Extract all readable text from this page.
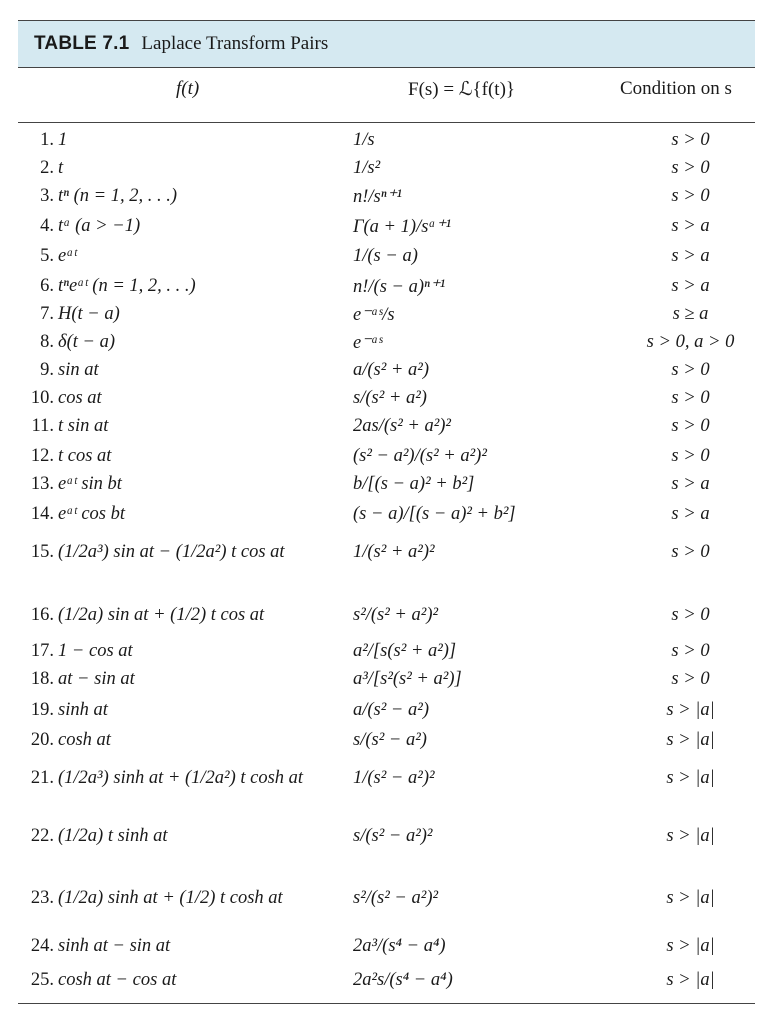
TABLE 7.1 Laplace Transform Pairs
f(t)	F(s) = ℒ{f(t)}	Condition on s
1. 1	1/s	s > 0
2. t	1/s²	s > 0
3. tⁿ (n = 1, 2, . . .)	n!/sⁿ⁺¹	s > 0
4. tᵃ (a > −1)	Γ(a + 1)/sᵃ⁺¹	s > a
5. eᵃᵗ	1/(s − a)	s > a
6. tⁿeᵃᵗ (n = 1, 2, . . .)	n!/(s − a)ⁿ⁺¹	s > a
7. H(t − a)	e⁻ᵃˢ/s	s ≥ a
8. δ(t − a)	e⁻ᵃˢ	s > 0, a > 0
9. sin at	a/(s² + a²)	s > 0
10. cos at	s/(s² + a²)	s > 0
11. t sin at	2as/(s² + a²)²	s > 0
12. t cos at	(s² − a²)/(s² + a²)²	s > 0
13. eᵃᵗ sin bt	b/[(s − a)² + b²]	s > a
14. eᵃᵗ cos bt	(s − a)/[(s − a)² + b²]	s > a
15. (1/2a³) sin at − (1/2a²) t cos at	1/(s² + a²)²	s > 0
16. (1/2a) sin at + (1/2) t cos at	s²/(s² + a²)²	s > 0
17. 1 − cos at	a²/[s(s² + a²)]	s > 0
18. at − sin at	a³/[s²(s² + a²)]	s > 0
19. sinh at	a/(s² − a²)	s > |a|
20. cosh at	s/(s² − a²)	s > |a|
21. (1/2a³) sinh at + (1/2a²) t cosh at	1/(s² − a²)²	s > |a|
22. (1/2a) t sinh at	s/(s² − a²)²	s > |a|
23. (1/2a) sinh at + (1/2) t cosh at	s²/(s² − a²)²	s > |a|
24. sinh at − sin at	2a³/(s⁴ − a⁴)	s > |a|
25. cosh at − cos at	2a²s/(s⁴ − a⁴)	s > |a|
